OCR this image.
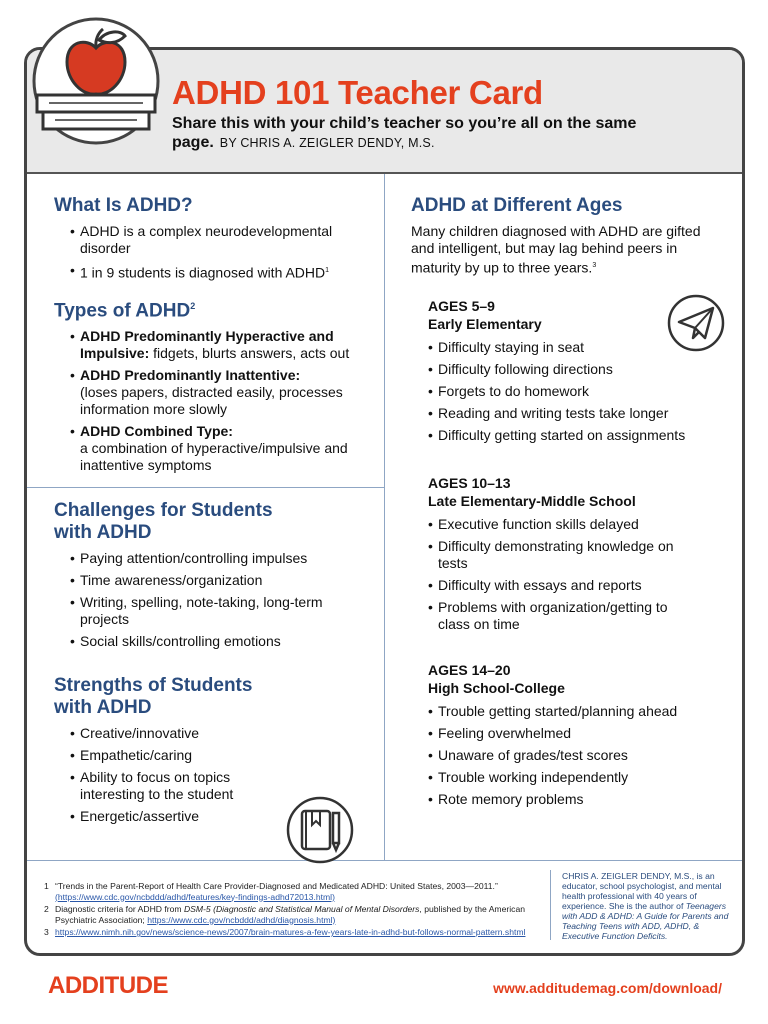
ADHD 101 Teacher Card
Share this with your child’s teacher so you’re all on the same
page. BY CHRIS A. ZEIGLER DENDY, M.S.
What Is ADHD?
• ADHD is a complex neurodevelopmental disorder
• 1 in 9 students is diagnosed with ADHD$^1$
Types of ADHD$^2$
• ADHD Predominantly Hyperactive and Impulsive: fidgets, blurts answers, acts out
• ADHD Predominantly Inattentive:
(loses papers, distracted easily, processes information more slowly
• ADHD Combined Type:
a combination of hyperactive/impulsive and inattentive symptoms
Challenges for Students
with ADHD
• Paying attention/controlling impulses
• Time awareness/organization
• Writing, spelling, note-taking, long-term projects
• Social skills/controlling emotions
Strengths of Students
with ADHD
• Creative/innovative
• Empathetic/caring
• Ability to focus on topics interesting to the student
• Energetic/assertive
ADHD at Different Ages
Many children diagnosed with ADHD are gifted and intelligent, but may lag behind peers in maturity by up to three years.$^3$
AGES 5–9
Early Elementary
• Difficulty staying in seat
• Difficulty following directions
• Forgets to do homework
• Reading and writing tests take longer
• Difficulty getting started on assignments
AGES 10–13
Late Elementary-Middle School
• Executive function skills delayed
• Difficulty demonstrating knowledge on tests
• Difficulty with essays and reports
• Problems with organization/getting to class on time
AGES 14–20
High School-College
• Trouble getting started/planning ahead
• Feeling overwhelmed
• Unaware of grades/test scores
• Trouble working independently
• Rote memory problems
1 “Trends in the Parent-Report of Health Care Provider-Diagnosed and Medicated ADHD: United States, 2003—2011.”
(https://www.cdc.gov/ncbddd/adhd/features/key-findings-adhd72013.html)
2 Diagnostic criteria for ADHD from DSM-5 (Diagnostic and Statistical Manual of Mental Disorders, published by the American Psychiatric Association; https://www.cdc.gov/ncbddd/adhd/diagnosis.html)
3 https://www.nimh.nih.gov/news/science-news/2007/brain-matures-a-few-years-late-in-adhd-but-follows-normal-pattern.shtml
CHRIS A. ZEIGLER DENDY, M.S., is an educator, school psychologist, and mental health professional with 40 years of experience. She is the author of Teenagers with ADD & ADHD: A Guide for Parents and Teaching Teens with ADD, ADHD, & Executive Function Deficits.
ADDITUDE	www.additudemag.com/download/
